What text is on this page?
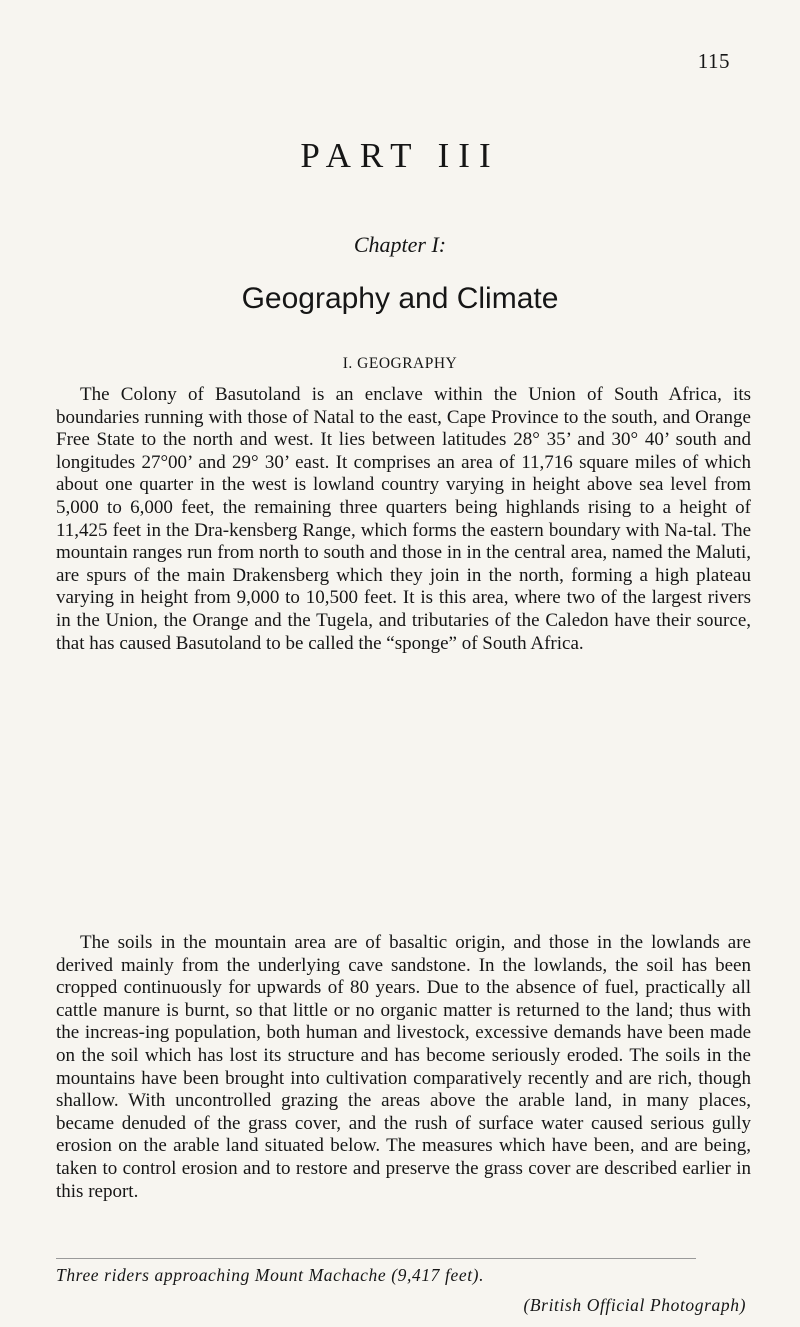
115
PART III
Chapter I:
Geography and Climate
I. GEOGRAPHY

The Colony of Basutoland is an enclave within the Union of South Africa, its boundaries running with those of Natal to the east, Cape Province to the south, and Orange Free State to the north and west. It lies between latitudes 28° 35’ and 30° 40’ south and longitudes 27°00’ and 29° 30’ east. It comprises an area of 11,716 square miles of which about one quarter in the west is lowland country varying in height above sea level from 5,000 to 6,000 feet, the remaining three quarters being highlands rising to a height of 11,425 feet in the Dra-kensberg Range, which forms the eastern boundary with Na-tal. The mountain ranges run from north to south and those in in the central area, named the Maluti, are spurs of the main Drakensberg which they join in the north, forming a high plateau varying in height from 9,000 to 10,500 feet. It is this area, where two of the largest rivers in the Union, the Orange and the Tugela, and tributaries of the Caledon have their source, that has caused Basutoland to be called the “sponge” of South Africa.

The soils in the mountain area are of basaltic origin, and those in the lowlands are derived mainly from the underlying cave sandstone. In the lowlands, the soil has been cropped continuously for upwards of 80 years. Due to the absence of fuel, practically all cattle manure is burnt, so that little or no organic matter is returned to the land; thus with the increas-ing population, both human and livestock, excessive demands have been made on the soil which has lost its structure and has become seriously eroded. The soils in the mountains have been brought into cultivation comparatively recently and are rich, though shallow. With uncontrolled grazing the areas above the arable land, in many places, became denuded of the grass cover, and the rush of surface water caused serious gully erosion on the arable land situated below. The measures which have been, and are being, taken to control erosion and to restore and preserve the grass cover are described earlier in this report.

Three riders approaching Mount Machache (9,417 feet).
(British Official Photograph)
